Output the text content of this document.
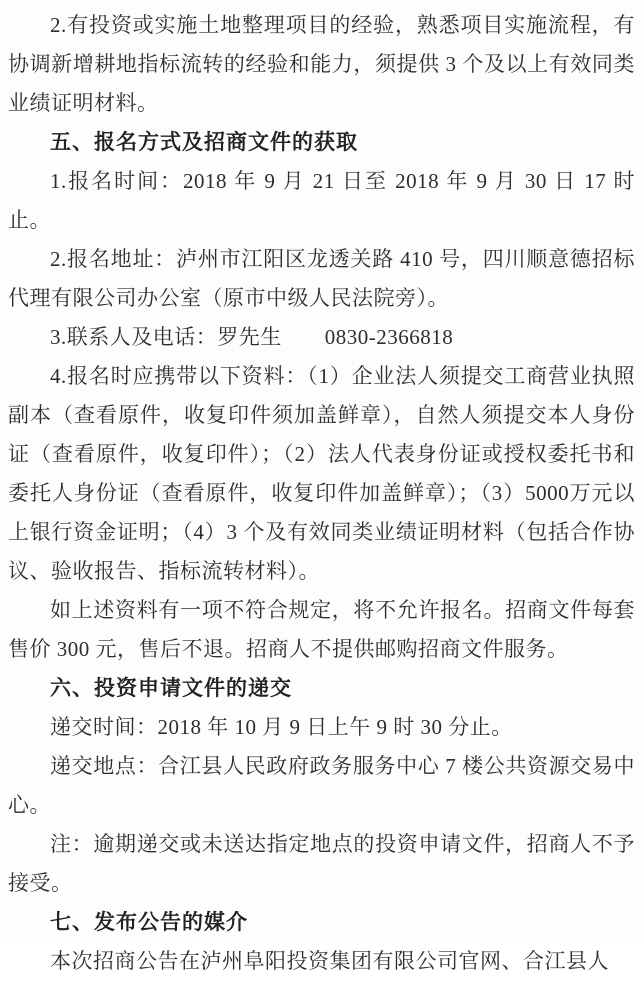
2.有投资或实施土地整理项目的经验，熟悉项目实施流程，有协调新增耕地指标流转的经验和能力，须提供 3 个及以上有效同类业绩证明材料。

五、报名方式及招商文件的获取

1.报名时间：2018 年 9 月 21 日至 2018 年 9 月 30 日 17 时止。

2.报名地址：泸州市江阳区龙透关路 410 号，四川顺意德招标代理有限公司办公室（原市中级人民法院旁）。

3.联系人及电话：罗先生　　0830-2366818

4.报名时应携带以下资料：（1）企业法人须提交工商营业执照副本（查看原件，收复印件须加盖鲜章），自然人须提交本人身份证（查看原件，收复印件）；（2）法人代表身份证或授权委托书和委托人身份证（查看原件，收复印件加盖鲜章）；（3）5000万元以上银行资金证明；（4）3 个及有效同类业绩证明材料（包括合作协议、验收报告、指标流转材料）。

如上述资料有一项不符合规定，将不允许报名。招商文件每套售价 300 元，售后不退。招商人不提供邮购招商文件服务。

六、投资申请文件的递交

递交时间：2018 年 10 月 9 日上午 9 时 30 分止。

递交地点：合江县人民政府政务服务中心 7 楼公共资源交易中心。

注：逾期递交或未送达指定地点的投资申请文件，招商人不予接受。

七、发布公告的媒介

本次招商公告在泸州阜阳投资集团有限公司官网、合江县人
